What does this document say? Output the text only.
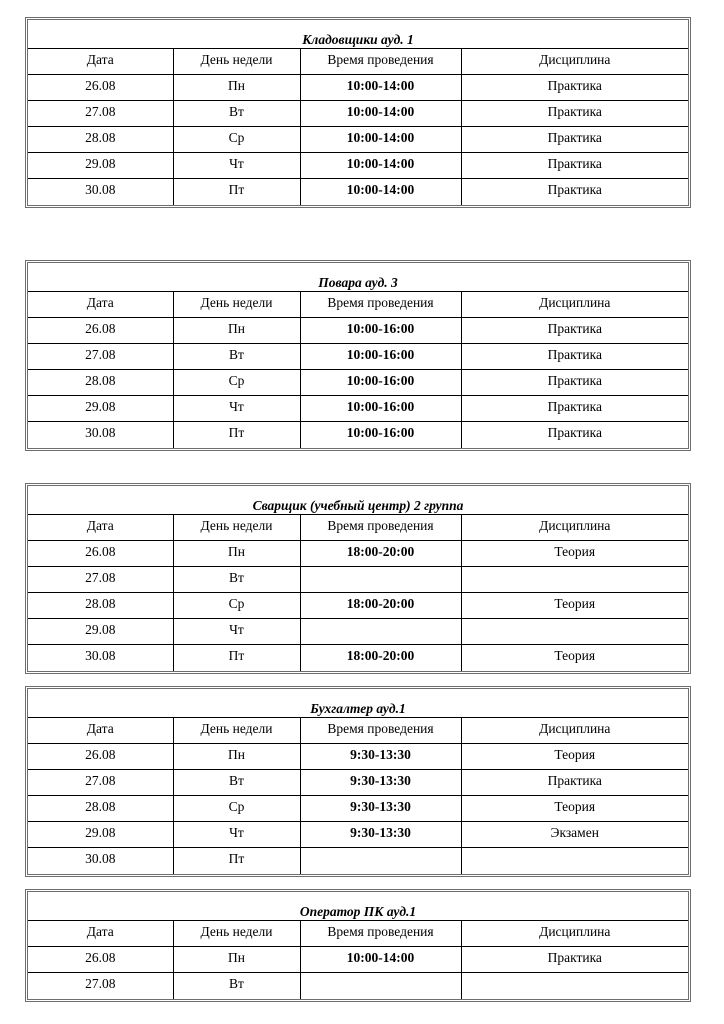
Кладовщики ауд. 1			
Дата	День недели	Время проведения	Дисциплина
26.08	Пн	10:00-14:00	Практика
27.08	Вт	10:00-14:00	Практика
28.08	Ср	10:00-14:00	Практика
29.08	Чт	10:00-14:00	Практика
30.08	Пт	10:00-14:00	Практика
Повара ауд. 3			
Дата	День недели	Время проведения	Дисциплина
26.08	Пн	10:00-16:00	Практика
27.08	Вт	10:00-16:00	Практика
28.08	Ср	10:00-16:00	Практика
29.08	Чт	10:00-16:00	Практика
30.08	Пт	10:00-16:00	Практика
Сварщик (учебный центр) 2 группа			
Дата	День недели	Время проведения	Дисциплина
26.08	Пн	18:00-20:00	Теория
27.08	Вт		
28.08	Ср	18:00-20:00	Теория
29.08	Чт		
30.08	Пт	18:00-20:00	Теория
Бухгалтер ауд.1			
Дата	День недели	Время проведения	Дисциплина
26.08	Пн	9:30-13:30	Теория
27.08	Вт	9:30-13:30	Практика
28.08	Ср	9:30-13:30	Теория
29.08	Чт	9:30-13:30	Экзамен
30.08	Пт		
Оператор ПК ауд.1			
Дата	День недели	Время проведения	Дисциплина
26.08	Пн	10:00-14:00	Практика
27.08	Вт		
